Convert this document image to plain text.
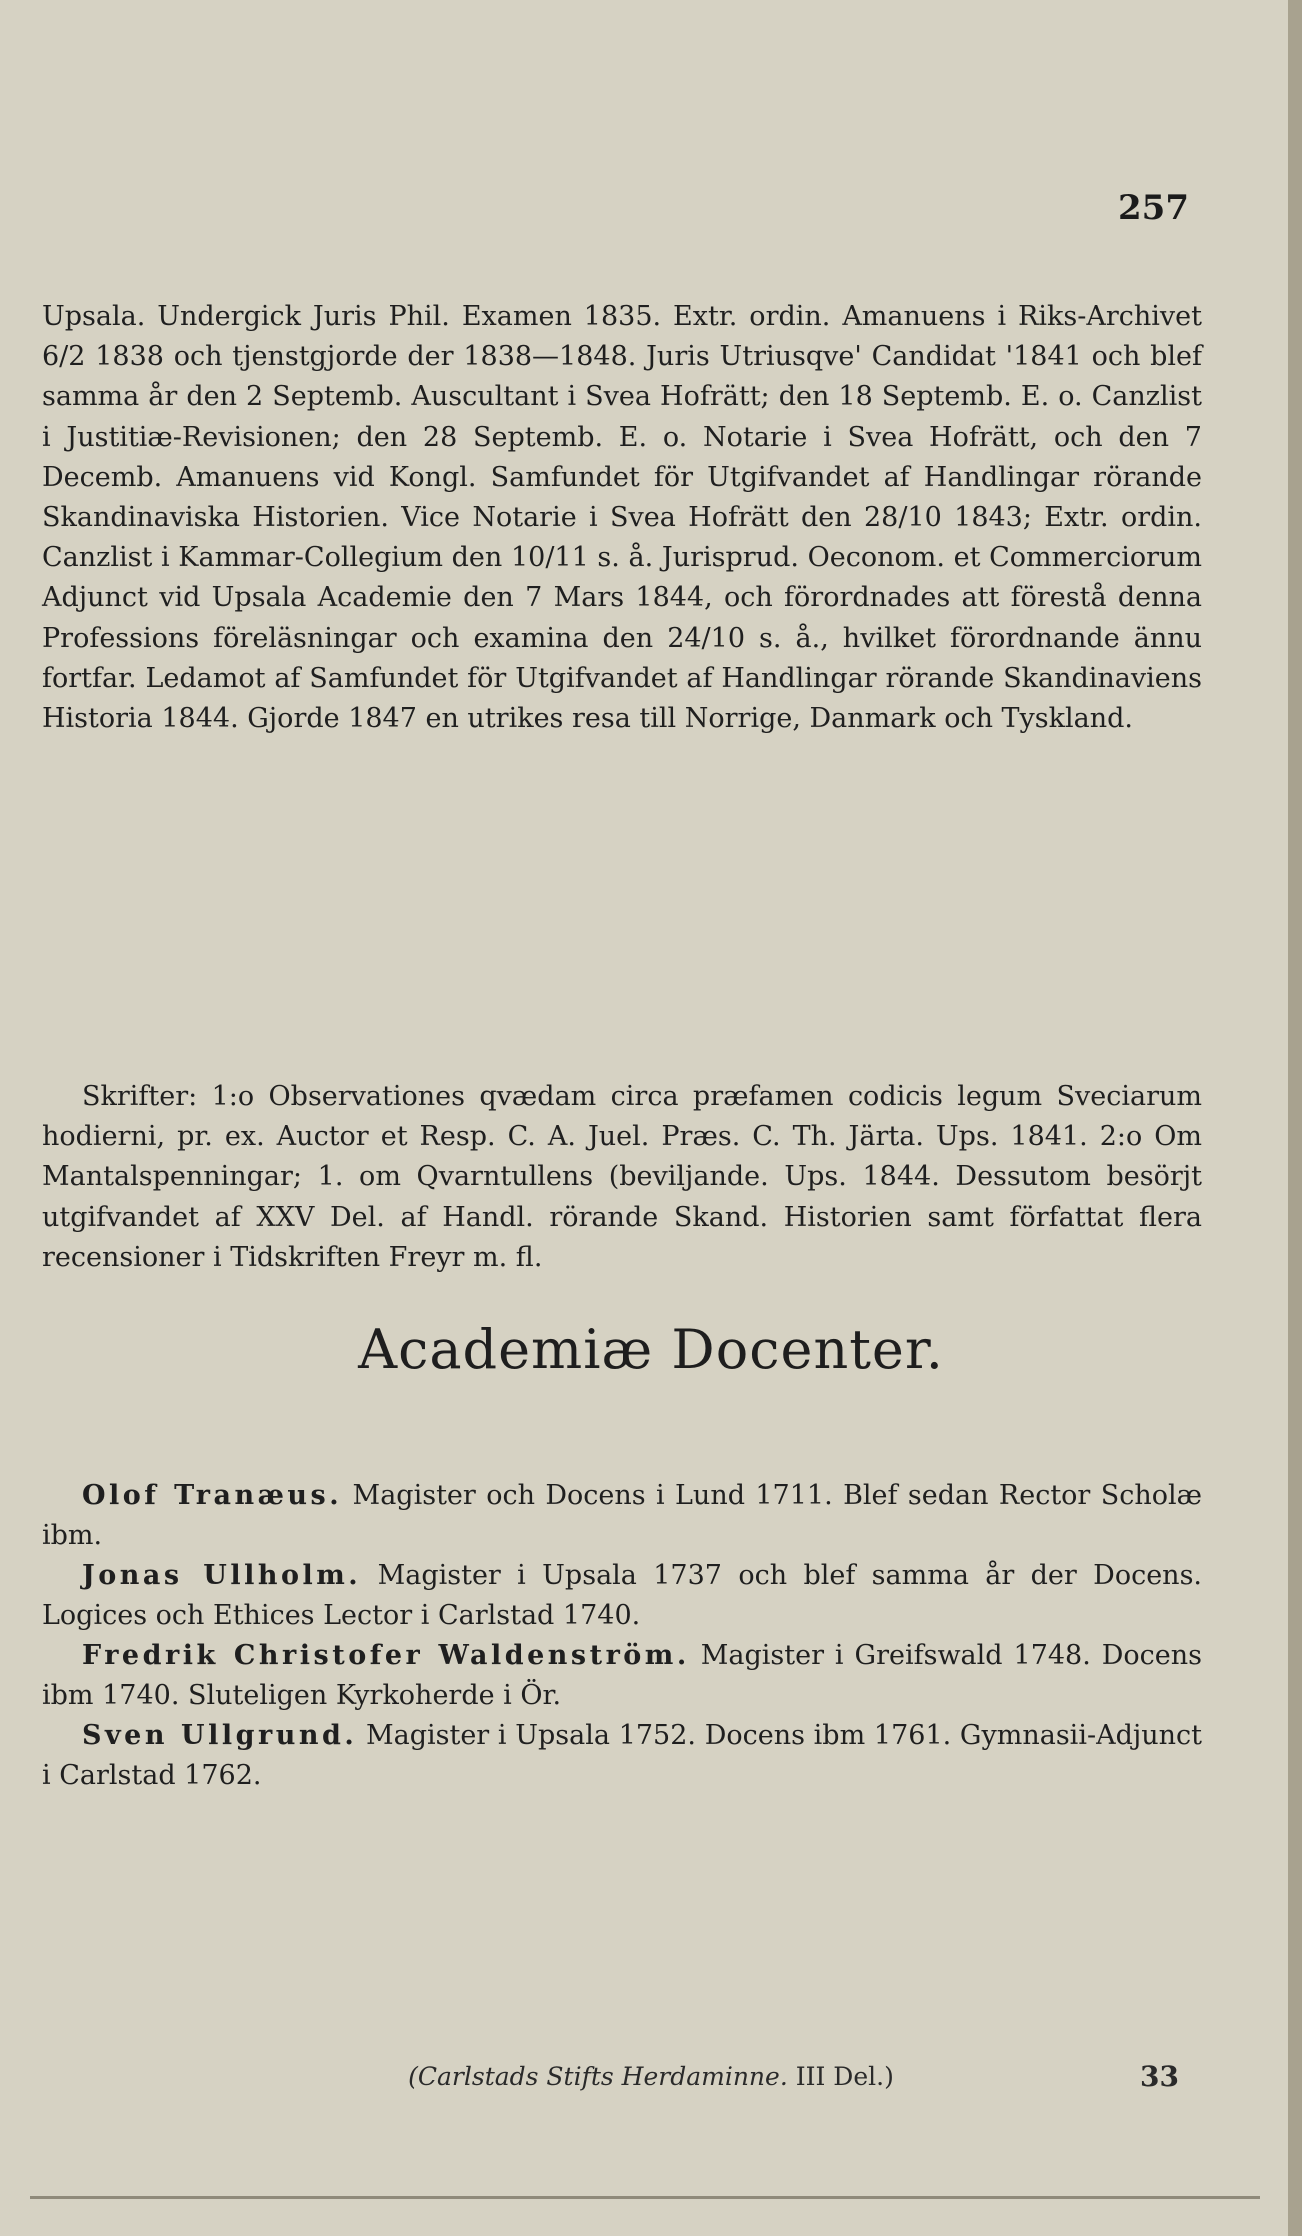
257

Upsala. Undergick Juris Phil. Examen 1835. Extr. ordin. Amanuens i Riks-Archivet 6/2 1838 och tjenstgjorde der 1838—1848. Juris Utriusqve' Candidat '1841 och blef samma år den 2 Septemb. Auscultant i Svea Hofrätt; den 18 Septemb. E. o. Canzlist i Justitiæ-Revisionen; den 28 Septemb. E. o. Notarie i Svea Hofrätt, och den 7 Decemb. Amanuens vid Kongl. Samfundet för Utgifvandet af Handlingar rörande Skandinaviska Historien. Vice Notarie i Svea Hofrätt den 28/10 1843; Extr. ordin. Canzlist i Kammar-Collegium den 10/11 s. å. Jurisprud. Oeconom. et Commerciorum Adjunct vid Upsala Academie den 7 Mars 1844, och förordnades att förestå denna Professions föreläsningar och examina den 24/10 s. å., hvilket förordnande ännu fortfar. Ledamot af Samfundet för Utgifvandet af Handlingar rörande Skandinaviens Historia 1844. Gjorde 1847 en utrikes resa till Norrige, Danmark och Tyskland.

Skrifter: 1:o Observationes qvædam circa præfamen codicis legum Sveciarum hodierni, pr. ex. Auctor et Resp. C. A. Juel. Præs. C. Th. Järta. Ups. 1841. 2:o Om Mantalspenningar; 1. om Qvarntullens (beviljande. Ups. 1844. Dessutom besörjt utgifvandet af XXV Del. af Handl. rörande Skand. Historien samt författat flera recensioner i Tidskriften Freyr m. fl.

Academiæ Docenter.

Olof Tranæus. Magister och Docens i Lund 1711. Blef sedan Rector Scholæ ibm.

Jonas Ullholm. Magister i Upsala 1737 och blef samma år der Docens. Logices och Ethices Lector i Carlstad 1740.

Fredrik Christofer Waldenström. Magister i Greifswald 1748. Docens ibm 1740. Sluteligen Kyrkoherde i Ör.

Sven Ullgrund. Magister i Upsala 1752. Docens ibm 1761. Gymnasii-Adjunct i Carlstad 1762.

(Carlstads Stifts Herdaminne. III Del.)	33
